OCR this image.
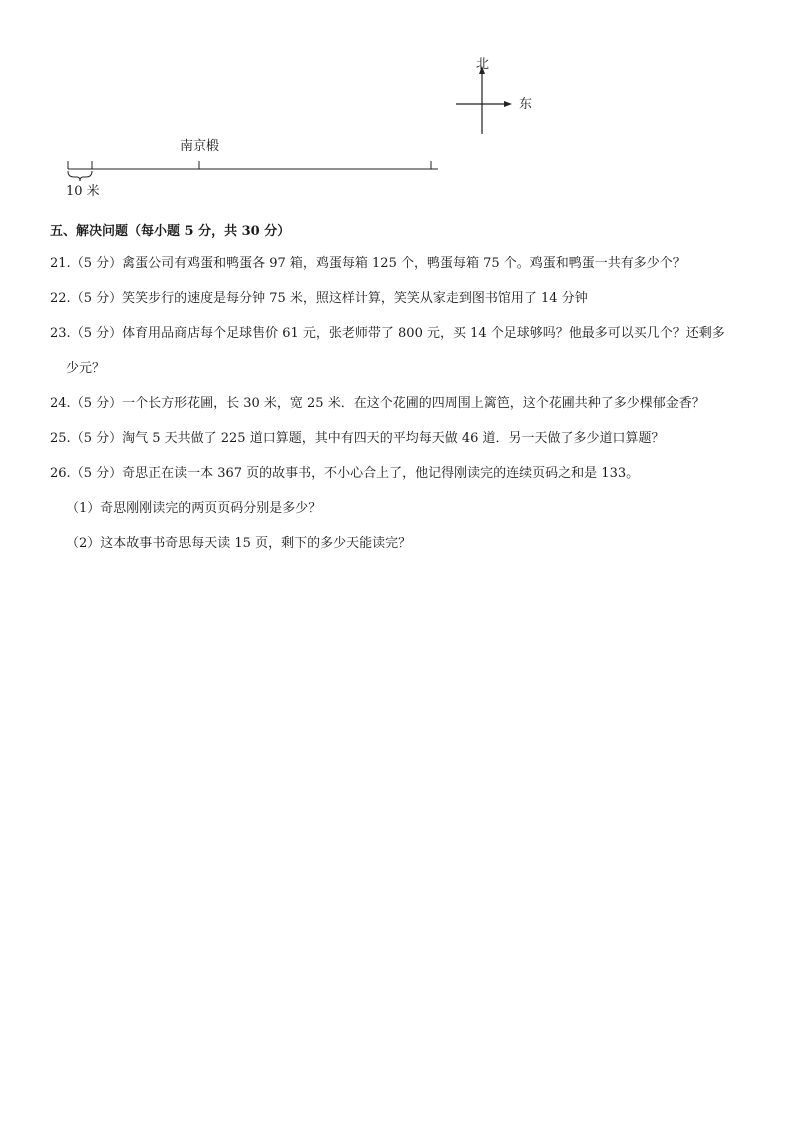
北
东
南京椴
10 米
五、解决问题（每小题 5 分，共 30 分）
21.（5 分）禽蛋公司有鸡蛋和鸭蛋各 97 箱，鸡蛋每箱 125 个，鸭蛋每箱 75 个。鸡蛋和鸭蛋一共有多少个？
22.（5 分）笑笑步行的速度是每分钟 75 米，照这样计算，笑笑从家走到图书馆用了 14 分钟
23.（5 分）体育用品商店每个足球售价 61 元，张老师带了 800 元，买 14 个足球够吗？他最多可以买几个？还剩多
少元？
24.（5 分）一个长方形花圃，长 30 米，宽 25 米．在这个花圃的四周围上篱笆，这个花圃共种了多少棵郁金香？
25.（5 分）淘气 5 天共做了 225 道口算题，其中有四天的平均每天做 46 道．另一天做了多少道口算题？
26.（5 分）奇思正在读一本 367 页的故事书，不小心合上了，他记得刚读完的连续页码之和是 133。
（1）奇思刚刚读完的两页页码分别是多少？
（2）这本故事书奇思每天读 15 页，剩下的多少天能读完？
